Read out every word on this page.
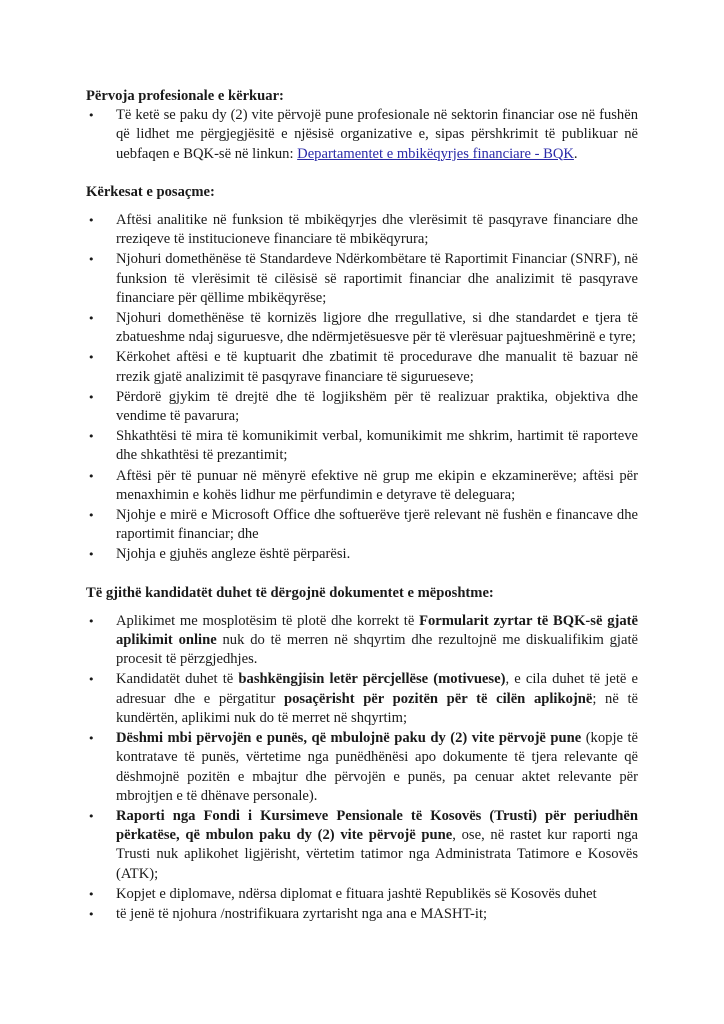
Përvoja profesionale e kërkuar:

• Të ketë se paku dy (2) vite përvojë pune profesionale në sektorin financiar ose në fushën që lidhet me përgjegjësitë e njësisë organizative e, sipas përshkrimit të publikuar në uebfaqen e BQK-së në linkun: Departamentet e mbikëqyrjes financiare - BQK.

Kërkesat e posaçme:

• Aftësi analitike në funksion të mbikëqyrjes dhe vlerësimit të pasqyrave financiare dhe rreziqeve të institucioneve financiare të mbikëqyrura;
• Njohuri domethënëse të Standardeve Ndërkombëtare të Raportimit Financiar (SNRF), në funksion të vlerësimit të cilësisë së raportimit financiar dhe analizimit të pasqyrave financiare për qëllime mbikëqyrëse;
• Njohuri domethënëse të kornizës ligjore dhe rregullative, si dhe standardet e tjera të zbatueshme ndaj siguruesve, dhe ndërmjetësuesve për të vlerësuar pajtueshmërinë e tyre;
• Kërkohet aftësi e të kuptuarit dhe zbatimit të procedurave dhe manualit të bazuar në rrezik gjatë analizimit të pasqyrave financiare të sigurueseve;
• Përdorë gjykim të drejtë dhe të logjikshëm për të realizuar praktika, objektiva dhe vendime të pavarura;
• Shkathtësi të mira të komunikimit verbal, komunikimit me shkrim, hartimit të raporteve dhe shkathtësi të prezantimit;
• Aftësi për të punuar në mënyrë efektive në grup me ekipin e ekzaminerëve; aftësi për menaxhimin e kohës lidhur me përfundimin e detyrave të deleguara;
• Njohje e mirë e Microsoft Office dhe softuerëve tjerë relevant në fushën e financave dhe raportimit financiar; dhe
• Njohja e gjuhës angleze është përparësi.

Të gjithë kandidatët duhet të dërgojnë dokumentet e mëposhtme:

• Aplikimet me mosplotësim të plotë dhe korrekt të Formularit zyrtar të BQK-së gjatë aplikimit online nuk do të merren në shqyrtim dhe rezultojnë me diskualifikim gjatë procesit të përzgjedhjes.
• Kandidatët duhet të bashkëngjisin letër përcjellëse (motivuese), e cila duhet të jetë e adresuar dhe e përgatitur posaçërisht për pozitën për të cilën aplikojnë; në të kundërtën, aplikimi nuk do të merret në shqyrtim;
• Dëshmi mbi përvojën e punës, që mbulojnë paku dy (2) vite përvojë pune (kopje të kontratave të punës, vërtetime nga punëdhënësi apo dokumente të tjera relevante që dëshmojnë pozitën e mbajtur dhe përvojën e punës, pa cenuar aktet relevante për mbrojtjen e të dhënave personale).
• Raporti nga Fondi i Kursimeve Pensionale të Kosovës (Trusti) për periudhën përkatëse, që mbulon paku dy (2) vite përvojë pune, ose, në rastet kur raporti nga Trusti nuk aplikohet ligjërisht, vërtetim tatimor nga Administrata Tatimore e Kosovës (ATK);
• Kopjet e diplomave, ndërsa diplomat e fituara jashtë Republikës së Kosovës duhet
• të jenë të njohura /nostrifikuara zyrtarisht nga ana e MASHT-it;
